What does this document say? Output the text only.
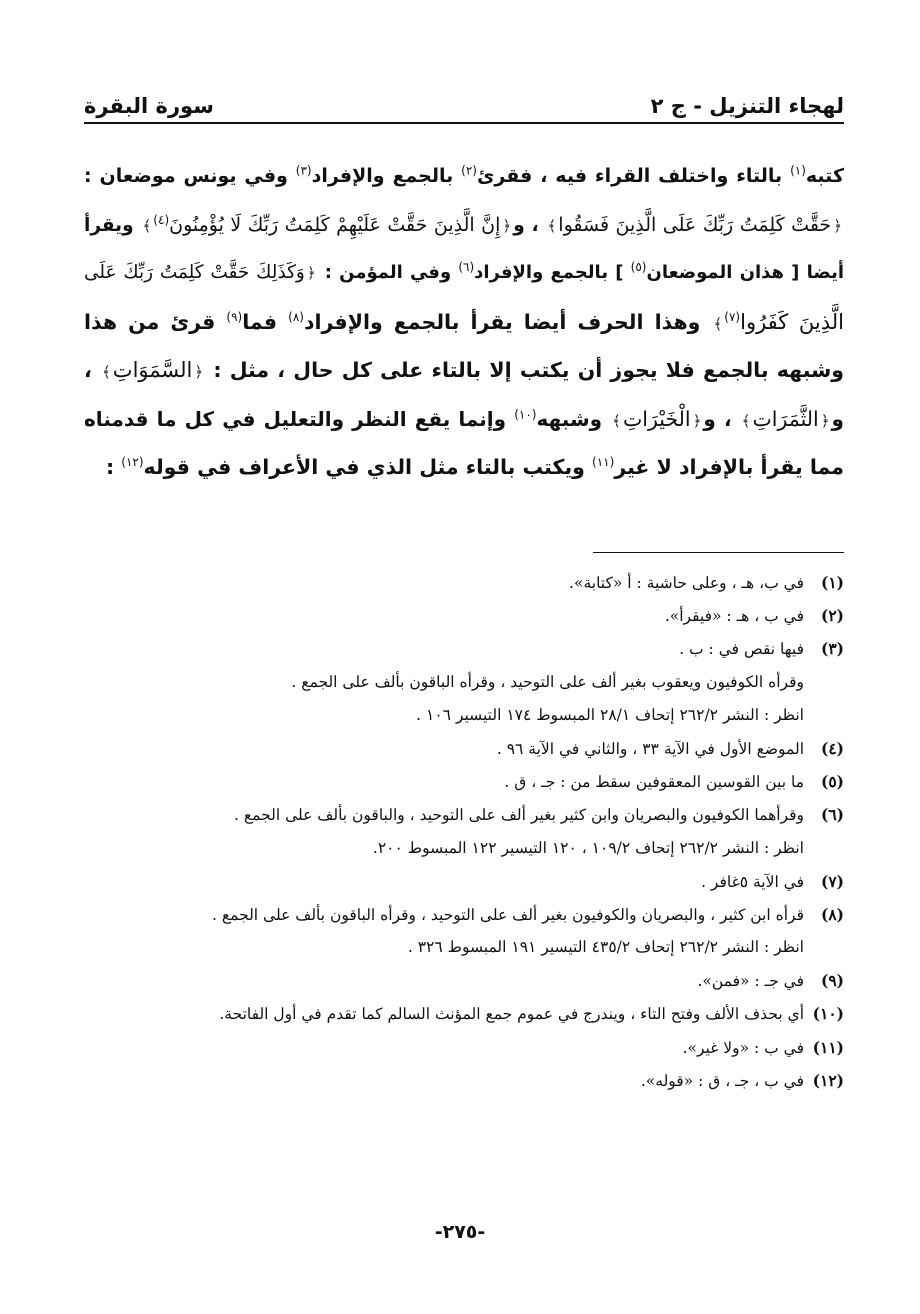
لهجاء التنزيل - ج ٢
سورة البقرة
كتبه$^{(١)}$ بالتاء واختلف القراء فيه ، فقرئ$^{(٢)}$ بالجمع والإفراد$^{(٣)}$ وفي يونس موضعان :
﴿حَقَّتْ كَلِمَتُ رَبِّكَ عَلَى الَّذِينَ فَسَقُوا﴾ ، و﴿إِنَّ الَّذِينَ حَقَّتْ عَلَيْهِمْ كَلِمَتُ رَبِّكَ لَا يُؤْمِنُونَ$^{(٤)}$﴾ ويقرأ
أيضا [ هذان الموضعان$^{(٥)}$ ] بالجمع والإفراد$^{(٦)}$ وفي المؤمن : ﴿وَكَذَلِكَ حَقَّتْ كَلِمَتُ رَبِّكَ عَلَى
الَّذِينَ كَفَرُوا$^{(٧)}$﴾ وهذا الحرف أيضا يقرأ بالجمع والإفراد$^{(٨)}$ فما$^{(٩)}$ قرئ من هذا
وشبهه بالجمع فلا يجوز أن يكتب إلا بالتاء على كل حال ، مثل : ﴿السَّمَوَاتِ﴾ ،
و﴿الثَّمَرَاتِ﴾ ، و﴿الْخَيْرَاتِ﴾ وشبهه$^{(١٠)}$ وإنما يقع النظر والتعليل في كل ما قدمناه
مما يقرأ بالإفراد لا غير$^{(١١)}$ ويكتب بالتاء مثل الذي في الأعراف في قوله$^{(١٢)}$ :
(١)في ب، هـ ، وعلى حاشية : أ «كتابة».
(٢)في ب ، هـ : «فيقرأ».
(٣)فيها نقص في : ب .
وقرأه الكوفيون ويعقوب بغير ألف على التوحيد ، وقرأه الباقون بألف على الجمع .
انظر : النشر ٢٦٢/٢ إتحاف ٢٨/١ المبسوط ١٧٤ التيسير ١٠٦ .
(٤)الموضع الأول في الآية ٣٣ ، والثاني في الآية ٩٦ .
(٥)ما بين القوسين المعقوفين سقط من : جـ ، ق .
(٦)وقرأهما الكوفيون والبصريان وابن كثير بغير ألف على التوحيد ، والباقون بألف على الجمع .
انظر : النشر ٢٦٢/٢ إتحاف ١٠٩/٢ ، ١٢٠ التيسير ١٢٢ المبسوط ٢٠٠.
(٧)في الآية ٥غافر .
(٨)قرأه ابن كثير ، والبصريان والكوفيون بغير ألف على التوحيد ، وقرأه الباقون بألف على الجمع .
انظر : النشر ٢٦٢/٢ إتحاف ٤٣٥/٢ التيسير ١٩١ المبسوط ٣٢٦ .
(٩)في جـ : «فمن».
(١٠)أي بحذف الألف وفتح التاء ، ويندرج في عموم جمع المؤنث السالم كما تقدم في أول الفاتحة.
(١١)في ب : «ولا غير».
(١٢)في ب ، جـ ، ق : «قوله».
-٢٧٥-
